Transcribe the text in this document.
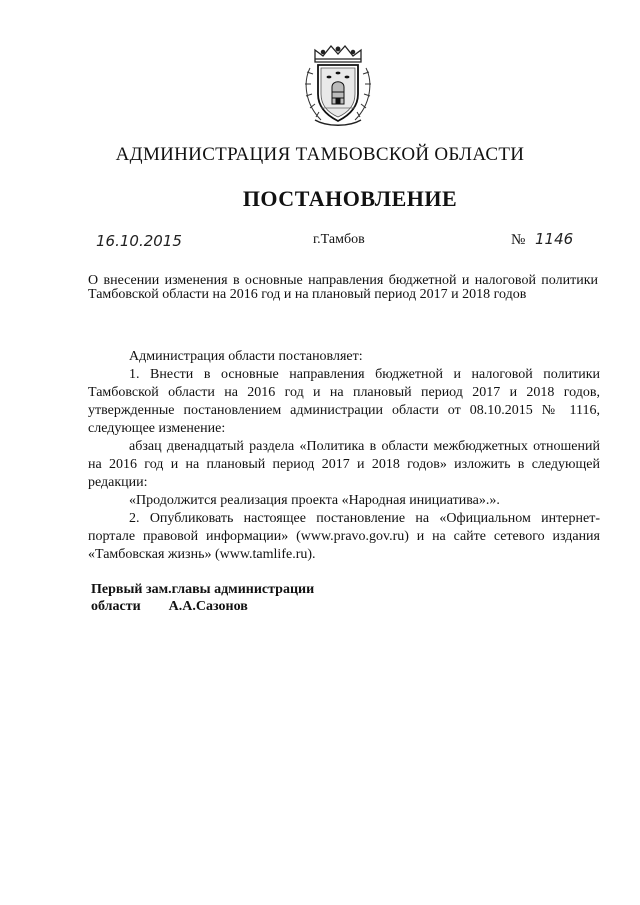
АДМИНИСТРАЦИЯ ТАМБОВСКОЙ ОБЛАСТИ
ПОСТАНОВЛЕНИЕ
16.10.2015	г.Тамбов	№ 1146
О внесении изменения в основные направления бюджетной и налоговой политики Тамбовской области на 2016 год и на плановый период 2017 и 2018 годов

Администрация области постановляет:

1. Внести в основные направления бюджетной и налоговой политики Тамбовской области на 2016 год и на плановый период 2017 и 2018 годов, утвержденные постановлением администрации области от 08.10.2015 № 1116, следующее изменение:

абзац двенадцатый раздела «Политика в области межбюджетных отношений на 2016 год и на плановый период 2017 и 2018 годов» изложить в следующей редакции:

«Продолжится реализация проекта «Народная инициатива».».

2. Опубликовать настоящее постановление на «Официальном интернет-портале правовой информации» (www.pravo.gov.ru) и на сайте сетевого издания «Тамбовская жизнь» (www.tamlife.ru).

Первый зам.главы администрации
области А.А.Сазонов
